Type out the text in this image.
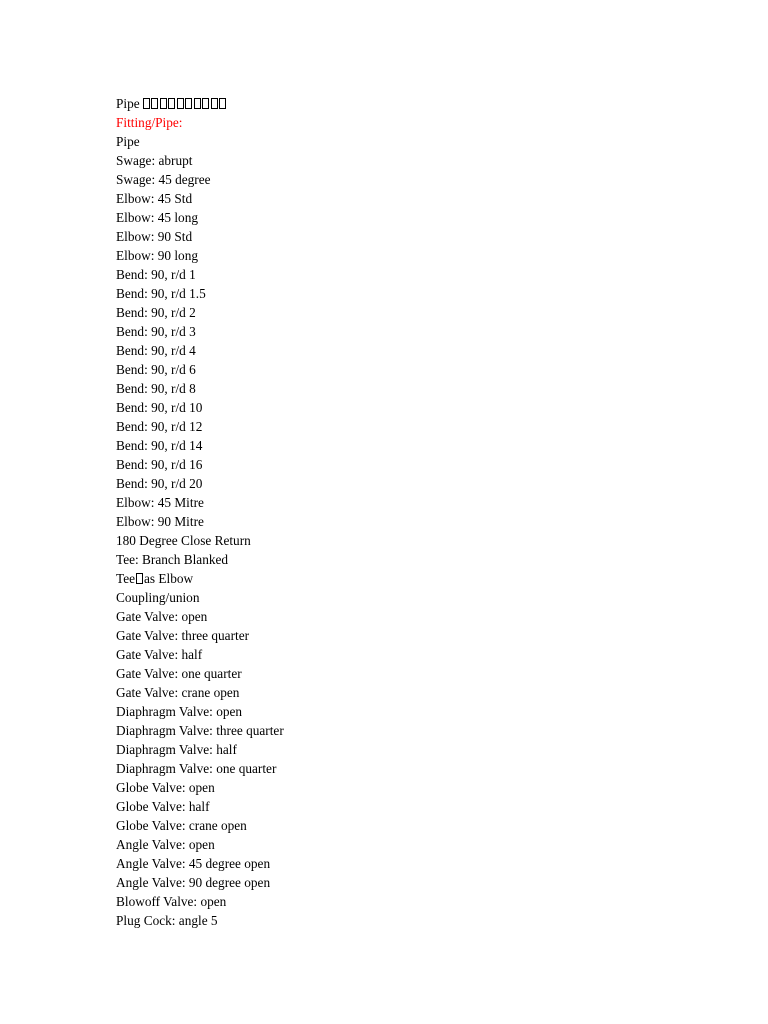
Pipe
Fitting/Pipe:
Pipe
Swage: abrupt
Swage: 45 degree
Elbow: 45 Std
Elbow: 45 long
Elbow: 90 Std
Elbow: 90 long
Bend: 90, r/d 1
Bend: 90, r/d 1.5
Bend: 90, r/d 2
Bend: 90, r/d 3
Bend: 90, r/d 4
Bend: 90, r/d 6
Bend: 90, r/d 8
Bend: 90, r/d 10
Bend: 90, r/d 12
Bend: 90, r/d 14
Bend: 90, r/d 16
Bend: 90, r/d 20
Elbow: 45 Mitre
Elbow: 90 Mitre
180 Degree Close Return
Tee: Branch Blanked
Tee as Elbow
Coupling/union
Gate Valve: open
Gate Valve: three quarter
Gate Valve: half
Gate Valve: one quarter
Gate Valve: crane open
Diaphragm Valve: open
Diaphragm Valve: three quarter
Diaphragm Valve: half
Diaphragm Valve: one quarter
Globe Valve: open
Globe Valve: half
Globe Valve: crane open
Angle Valve: open
Angle Valve: 45 degree open
Angle Valve: 90 degree open
Blowoff Valve: open
Plug Cock: angle 5
